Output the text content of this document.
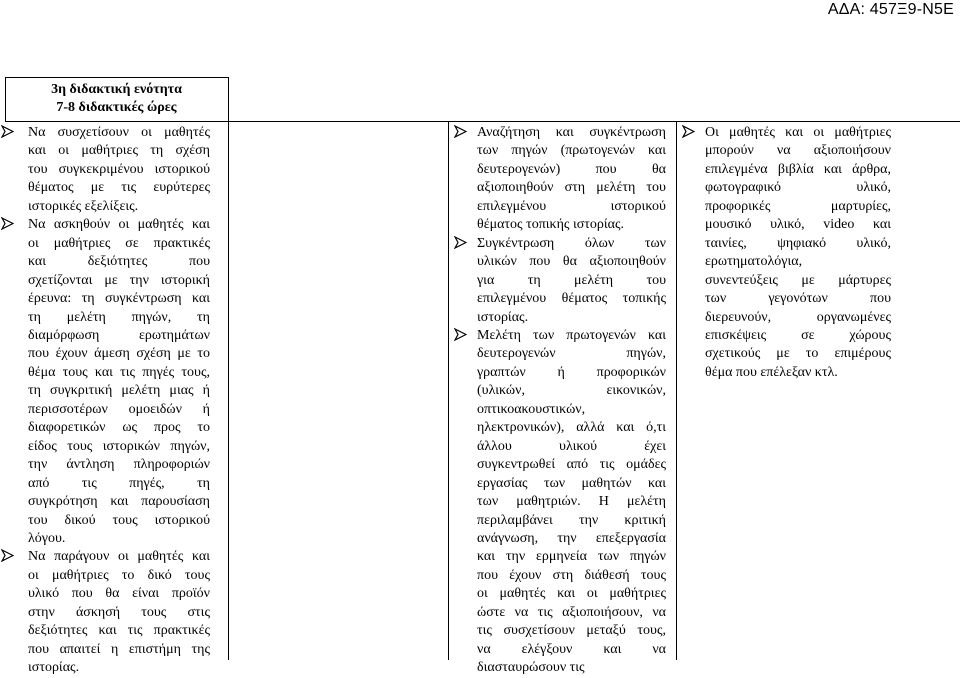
ΑΔΑ: 457Ξ9-Ν5Ε
3η διδακτική ενότητα
7-8 διδακτικές ώρες

Να συσχετίσουν οι μαθητές

και οι μαθήτριες τη σχέση

του συγκεκριμένου ιστορικού

θέματος με τις ευρύτερες

ιστορικές εξελίξεις.

Να ασκηθούν οι μαθητές και

οι μαθήτριες σε πρακτικές

και δεξιότητες που

σχετίζονται με την ιστορική

έρευνα: τη συγκέντρωση και

τη μελέτη πηγών, τη

διαμόρφωση ερωτημάτων

που έχουν άμεση σχέση με το

θέμα τους και τις πηγές τους,

τη συγκριτική μελέτη μιας ή

περισσοτέρων ομοειδών ή

διαφορετικών ως προς το

είδος τους ιστορικών πηγών,

την άντληση πληροφοριών

από τις πηγές, τη

συγκρότηση και παρουσίαση

του δικού τους ιστορικού

λόγου.

Να παράγουν οι μαθητές και

οι μαθήτριες το δικό τους

υλικό που θα είναι προϊόν

στην άσκησή τους στις

δεξιότητες και τις πρακτικές

που απαιτεί η επιστήμη της

ιστορίας.

Αναζήτηση και συγκέντρωση

των πηγών (πρωτογενών και

δευτερογενών) που θα

αξιοποιηθούν στη μελέτη του

επιλεγμένου ιστορικού

θέματος τοπικής ιστορίας.

Συγκέντρωση όλων των

υλικών που θα αξιοποιηθούν

για τη μελέτη του

επιλεγμένου θέματος τοπικής

ιστορίας.

Μελέτη των πρωτογενών και

δευτερογενών πηγών,

γραπτών ή προφορικών

(υλικών, εικονικών,

οπτικοακουστικών,

ηλεκτρονικών), αλλά και ό,τι

άλλου υλικού έχει

συγκεντρωθεί από τις ομάδες

εργασίας των μαθητών και

των μαθητριών. Η μελέτη

περιλαμβάνει την κριτική

ανάγνωση, την επεξεργασία

και την ερμηνεία των πηγών

που έχουν στη διάθεσή τους

οι μαθητές και οι μαθήτριες

ώστε να τις αξιοποιήσουν, να

τις συσχετίσουν μεταξύ τους,

να ελέγξουν και να

διασταυρώσουν τις

Οι μαθητές και οι μαθήτριες

μπορούν να αξιοποιήσουν

επιλεγμένα βιβλία και άρθρα,

φωτογραφικό υλικό,

προφορικές μαρτυρίες,

μουσικό υλικό, video και

ταινίες, ψηφιακό υλικό,

ερωτηματολόγια,

συνεντεύξεις με μάρτυρες

των γεγονότων που

διερευνούν, οργανωμένες

επισκέψεις σε χώρους

σχετικούς με το επιμέρους

θέμα που επέλεξαν κτλ.
